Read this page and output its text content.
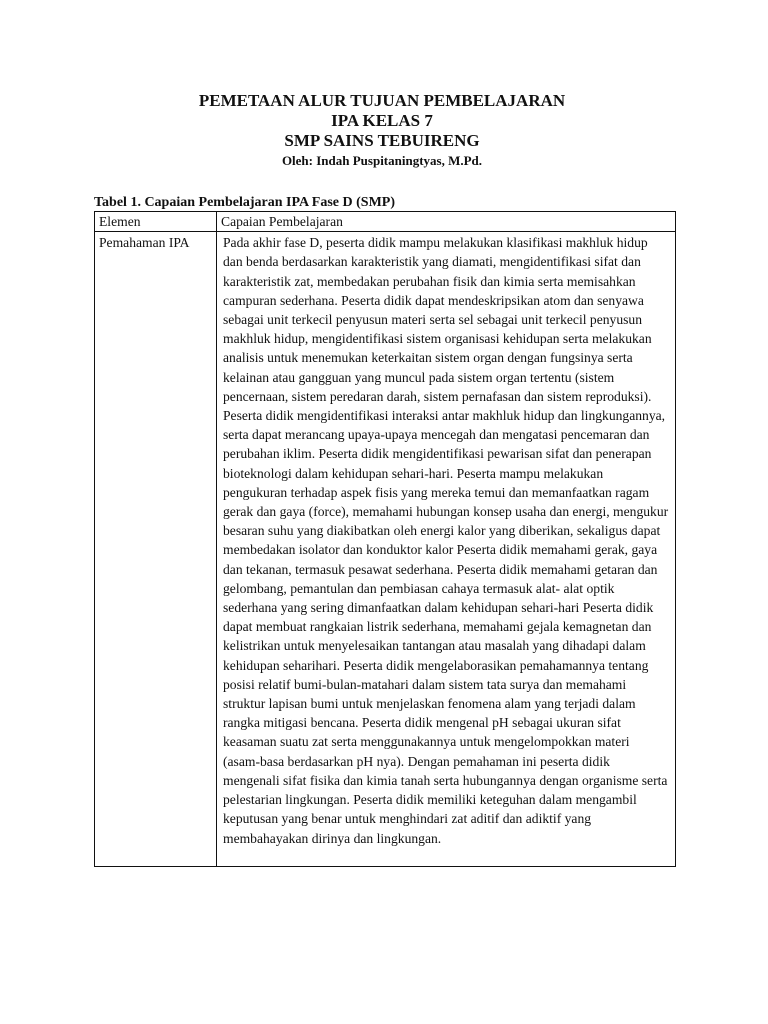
PEMETAAN ALUR TUJUAN PEMBELAJARAN

IPA KELAS 7

SMP SAINS TEBUIRENG

Oleh: Indah Puspitaningtyas, M.Pd.

Tabel 1. Capaian Pembelajaran IPA Fase D (SMP)

Elemen	Capaian Pembelajaran
Pemahaman IPA	Pada akhir fase D, peserta didik mampu melakukan klasifikasi makhluk hidup dan benda berdasarkan karakteristik yang diamati, mengidentifikasi sifat dan karakteristik zat, membedakan perubahan fisik dan kimia serta memisahkan campuran sederhana. Peserta didik dapat mendeskripsikan atom dan senyawa sebagai unit terkecil penyusun materi serta sel sebagai unit terkecil penyusun makhluk hidup, mengidentifikasi sistem organisasi kehidupan serta melakukan analisis untuk menemukan keterkaitan sistem organ dengan fungsinya serta kelainan atau gangguan yang muncul pada sistem organ tertentu (sistem pencernaan, sistem peredaran darah, sistem pernafasan dan sistem reproduksi). Peserta didik mengidentifikasi interaksi antar makhluk hidup dan lingkungannya, serta dapat merancang upaya-upaya mencegah dan mengatasi pencemaran dan perubahan iklim. Peserta didik mengidentifikasi pewarisan sifat dan penerapan bioteknologi dalam kehidupan sehari-hari. Peserta mampu melakukan pengukuran terhadap aspek fisis yang mereka temui dan memanfaatkan ragam gerak dan gaya (force), memahami hubungan konsep usaha dan energi, mengukur besaran suhu yang diakibatkan oleh energi kalor yang diberikan, sekaligus dapat membedakan isolator dan konduktor kalor Peserta didik memahami gerak, gaya dan tekanan, termasuk pesawat sederhana. Peserta didik memahami getaran dan gelombang, pemantulan dan pembiasan cahaya termasuk alat- alat optik sederhana yang sering dimanfaatkan dalam kehidupan sehari-hari Peserta didik dapat membuat rangkaian listrik sederhana, memahami gejala kemagnetan dan kelistrikan untuk menyelesaikan tantangan atau masalah yang dihadapi dalam kehidupan seharihari. Peserta didik mengelaborasikan pemahamannya tentang posisi relatif bumi-bulan-matahari dalam sistem tata surya dan memahami struktur lapisan bumi untuk menjelaskan fenomena alam yang terjadi dalam rangka mitigasi bencana. Peserta didik mengenal pH sebagai ukuran sifat keasaman suatu zat serta menggunakannya untuk mengelompokkan materi (asam-basa berdasarkan pH nya). Dengan pemahaman ini peserta didik mengenali sifat fisika dan kimia tanah serta hubungannya dengan organisme serta pelestarian lingkungan. Peserta didik memiliki keteguhan dalam mengambil keputusan yang benar untuk menghindari zat aditif dan adiktif yang membahayakan dirinya dan lingkungan.
